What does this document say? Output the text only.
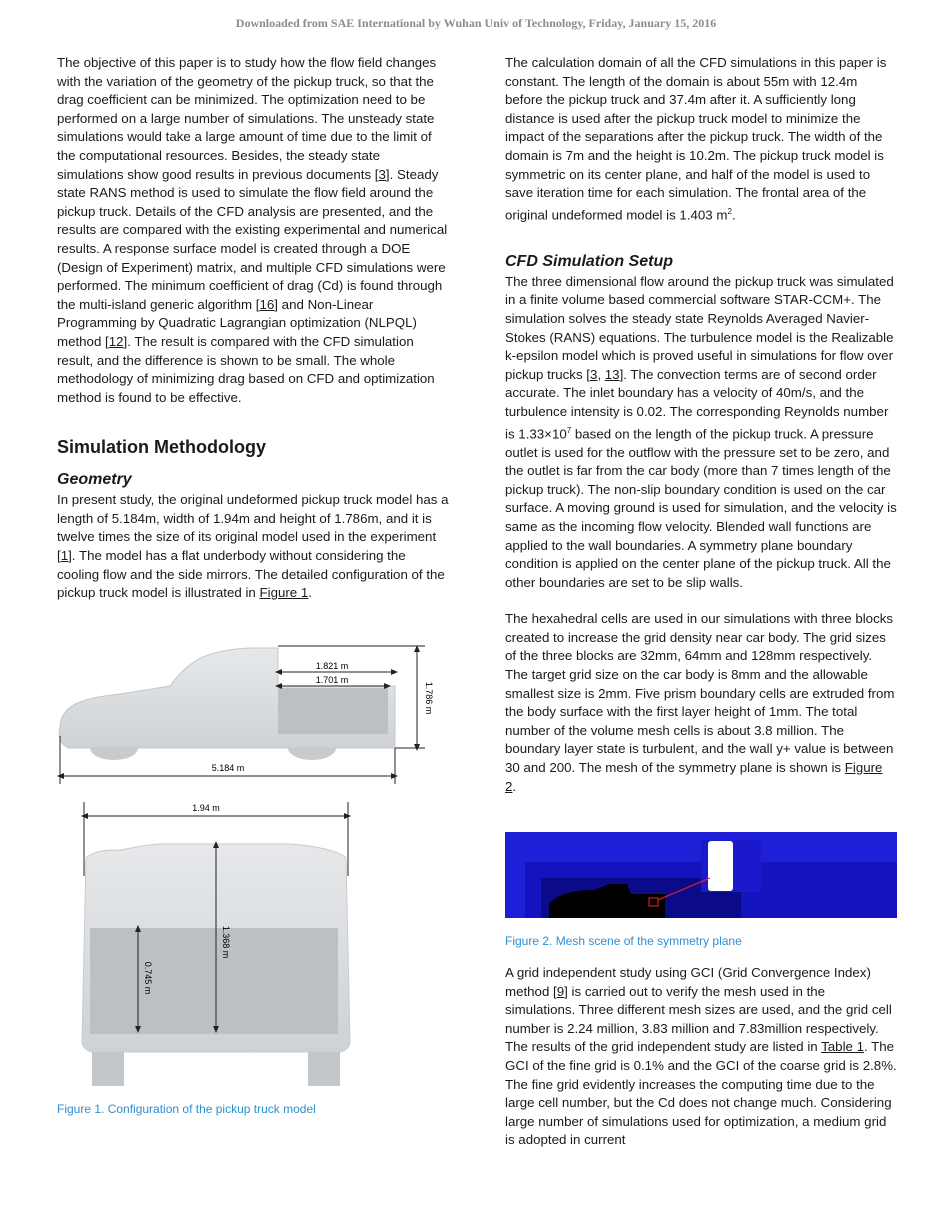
Downloaded from SAE International by Wuhan Univ of Technology, Friday, January 15, 2016

The objective of this paper is to study how the flow field changes with the variation of the geometry of the pickup truck, so that the drag coefficient can be minimized. The optimization need to be performed on a large number of simulations. The unsteady state simulations would take a large amount of time due to the limit of the computational resources. Besides, the steady state simulations show good results in previous documents [3]. Steady state RANS method is used to simulate the flow field around the pickup truck. Details of the CFD analysis are presented, and the results are compared with the existing experimental and numerical results. A response surface model is created through a DOE (Design of Experiment) matrix, and multiple CFD simulations were performed. The minimum coefficient of drag (Cd) is found through the multi-island generic algorithm [16] and Non-Linear Programming by Quadratic Lagrangian optimization (NLPQL) method [12]. The result is compared with the CFD simulation result, and the difference is shown to be small. The whole methodology of minimizing drag based on CFD and optimization method is found to be effective.

Simulation Methodology
Geometry

In present study, the original undeformed pickup truck model has a length of 5.184m, width of 1.94m and height of 1.786m, and it is twelve times the size of its original model used in the experiment [1]. The model has a flat underbody without considering the cooling flow and the side mirrors. The detailed configuration of the pickup truck model is illustrated in Figure 1.

1.821 m
1.701 m
1.786 m
5.184 m
1.94 m
1.368 m
0.745 m
Figure 1. Configuration of the pickup truck model

The calculation domain of all the CFD simulations in this paper is constant. The length of the domain is about 55m with 12.4m before the pickup truck and 37.4m after it. A sufficiently long distance is used after the pickup truck model to minimize the impact of the separations after the pickup truck. The width of the domain is 7m and the height is 10.2m. The pickup truck model is symmetric on its center plane, and half of the model is used to save iteration time for each simulation. The frontal area of the original undeformed model is 1.403 $m^2$.

CFD Simulation Setup

The three dimensional flow around the pickup truck was simulated in a finite volume based commercial software STAR-CCM+. The simulation solves the steady state Reynolds Averaged Navier-Stokes (RANS) equations. The turbulence model is the Realizable k-epsilon model which is proved useful in simulations for flow over pickup trucks [3, 13]. The convection terms are of second order accurate. The inlet boundary has a velocity of 40m/s, and the turbulence intensity is 0.02. The corresponding Reynolds number is $1.33\times 10^7$ based on the length of the pickup truck. A pressure outlet is used for the outflow with the pressure set to be zero, and the outlet is far from the car body (more than 7 times length of the pickup truck). The non-slip boundary condition is used on the car surface. A moving ground is used for simulation, and the velocity is same as the incoming flow velocity. Blended wall functions are applied to the wall boundaries. A symmetry plane boundary condition is applied on the center plane of the pickup truck. All the other boundaries are set to be slip walls.

The hexahedral cells are used in our simulations with three blocks created to increase the grid density near car body. The grid sizes of the three blocks are 32mm, 64mm and 128mm respectively. The target grid size on the car body is 8mm and the allowable smallest size is 2mm. Five prism boundary cells are extruded from the body surface with the first layer height of 1mm. The total number of the volume mesh cells is about 3.8 million. The boundary layer state is turbulent, and the wall y+ value is between 30 and 200. The mesh of the symmetry plane is shown is Figure 2.

Figure 2. Mesh scene of the symmetry plane

A grid independent study using GCI (Grid Convergence Index) method [9] is carried out to verify the mesh used in the simulations. Three different mesh sizes are used, and the grid cell number is 2.24 million, 3.83 million and 7.83million respectively. The results of the grid independent study are listed in Table 1. The GCI of the fine grid is 0.1% and the GCI of the coarse grid is 2.8%. The fine grid evidently increases the computing time due to the large cell number, but the Cd does not change much. Considering large number of simulations used for optimization, a medium grid is adopted in current
